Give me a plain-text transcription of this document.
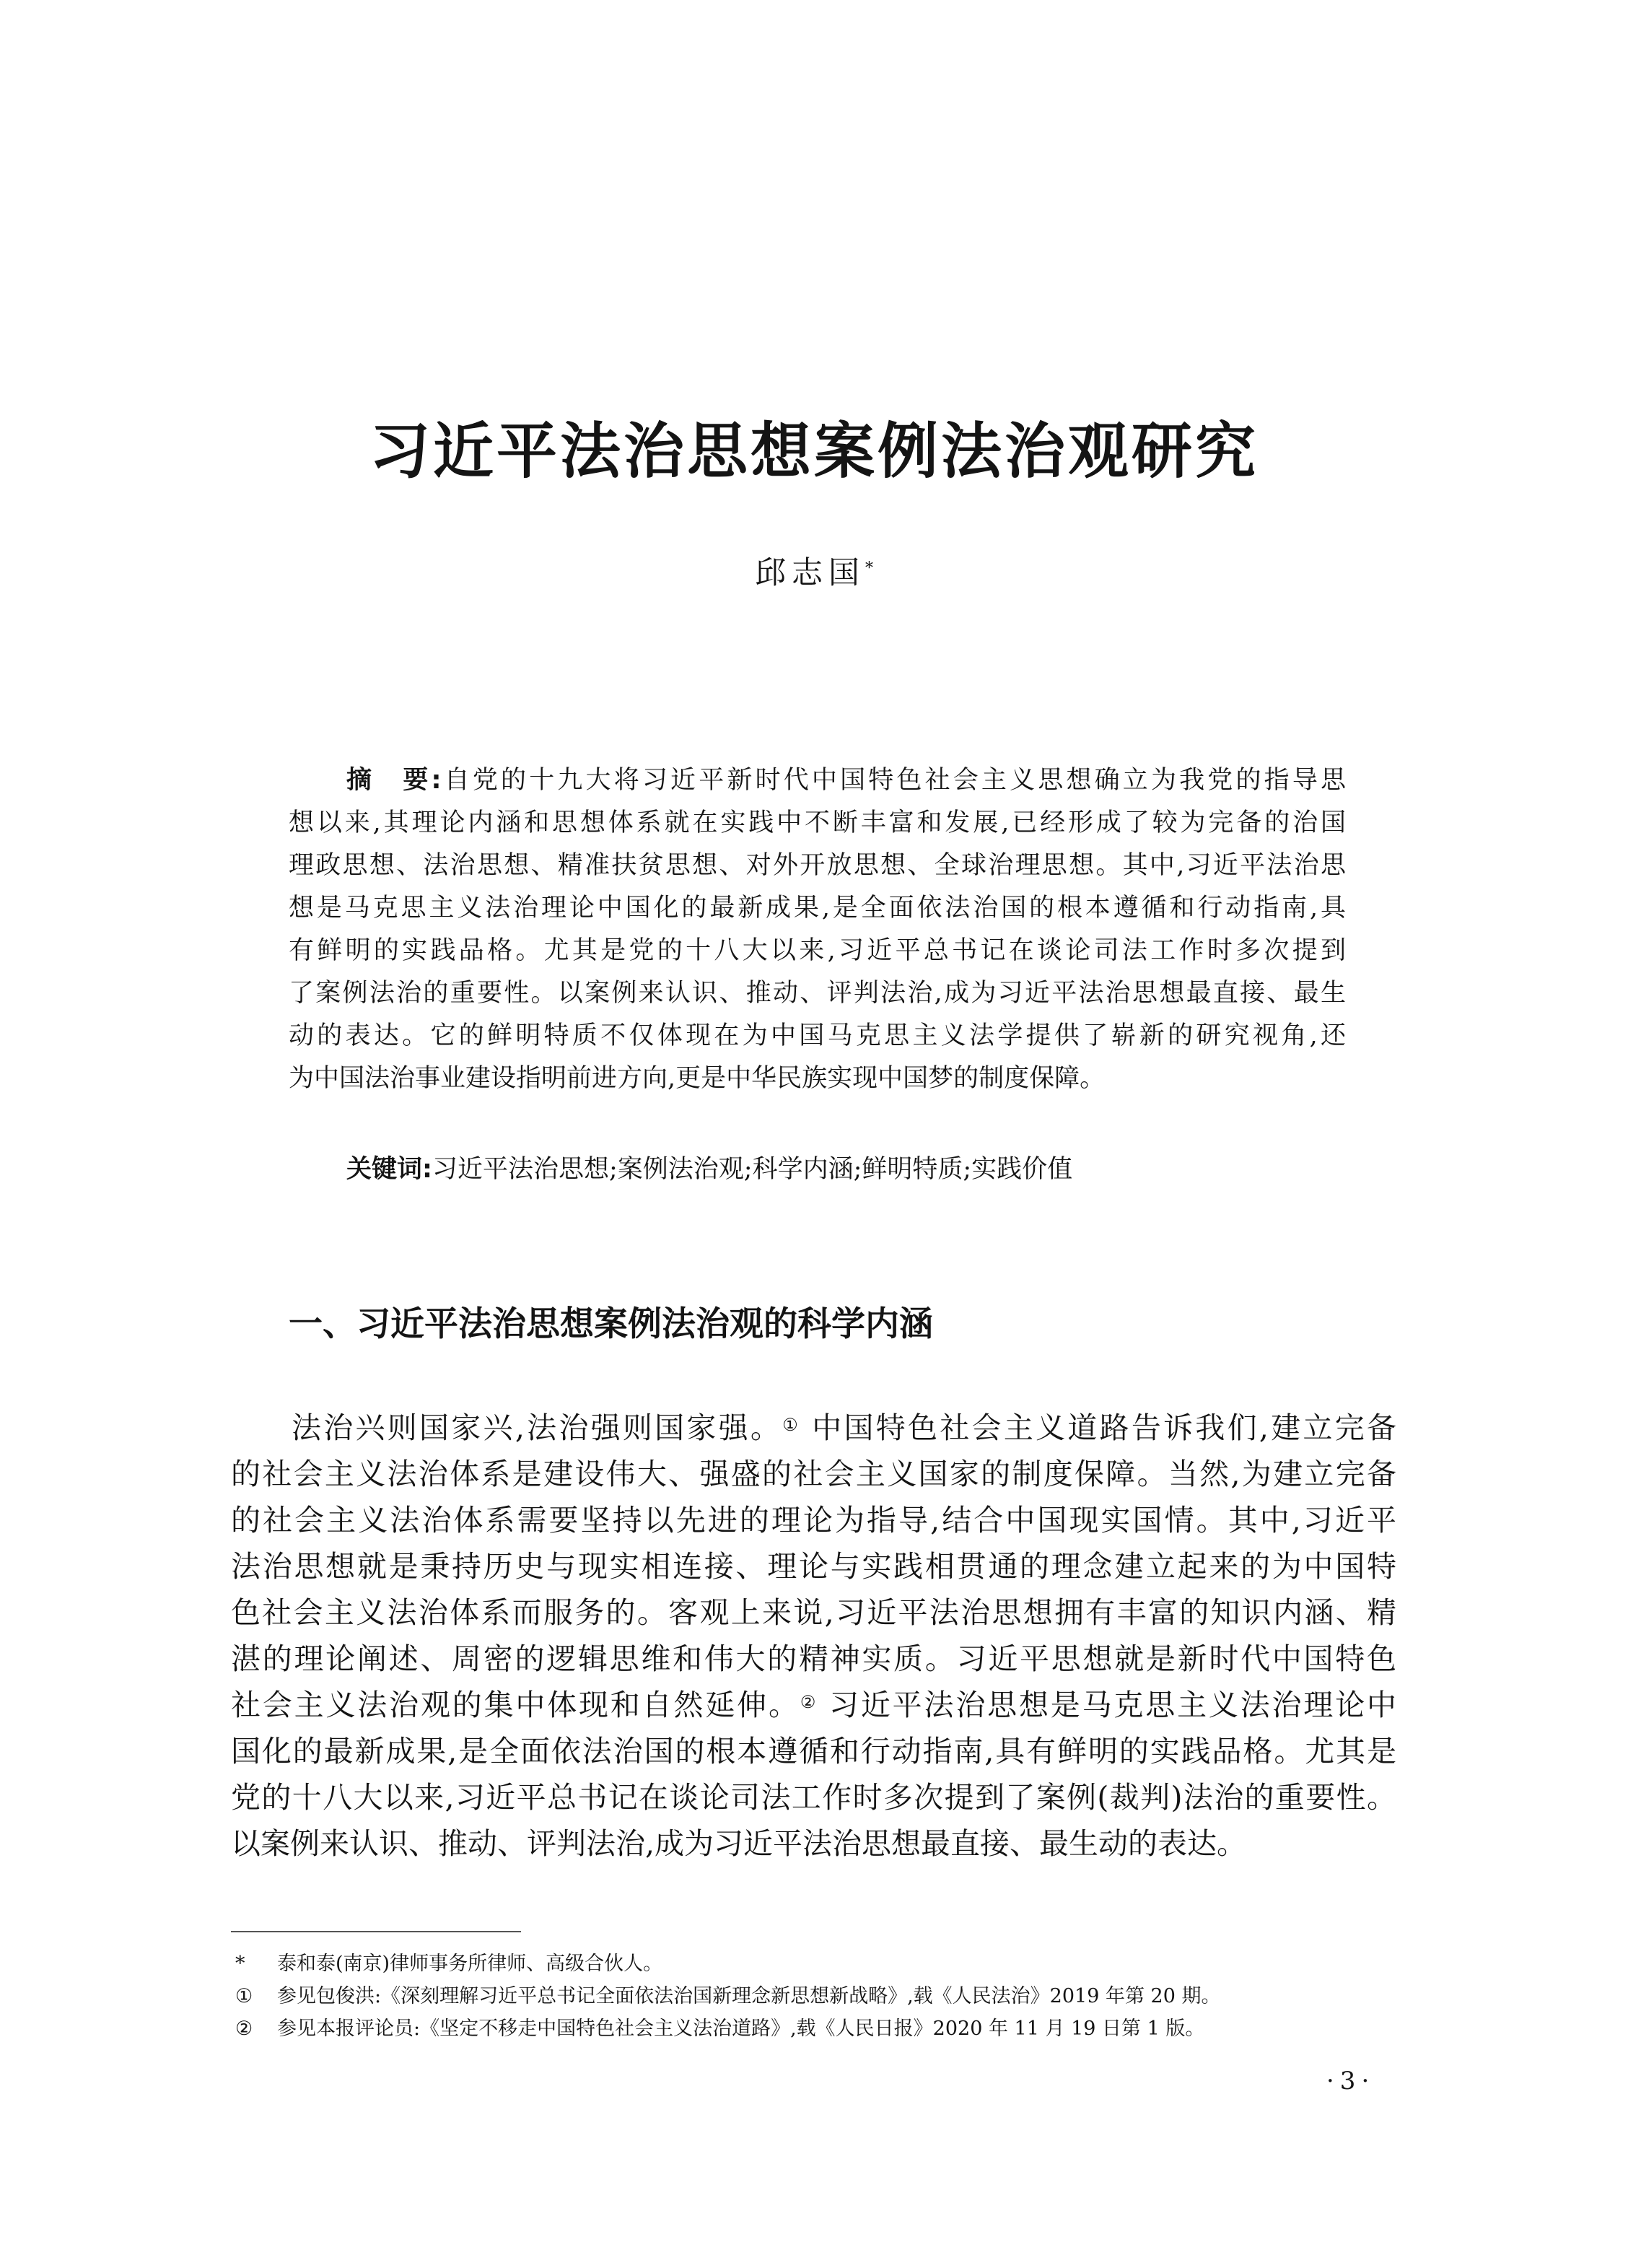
习近平法治思想案例法治观研究
邱志国*
摘　要:自党的十九大将习近平新时代中国特色社会主义思想确立为我党的指导思
想以来,其理论内涵和思想体系就在实践中不断丰富和发展,已经形成了较为完备的治国
理政思想、法治思想、精准扶贫思想、对外开放思想、全球治理思想。其中,习近平法治思
想是马克思主义法治理论中国化的最新成果,是全面依法治国的根本遵循和行动指南,具
有鲜明的实践品格。尤其是党的十八大以来,习近平总书记在谈论司法工作时多次提到
了案例法治的重要性。以案例来认识、推动、评判法治,成为习近平法治思想最直接、最生
动的表达。它的鲜明特质不仅体现在为中国马克思主义法学提供了崭新的研究视角,还
为中国法治事业建设指明前进方向,更是中华民族实现中国梦的制度保障。
关键词:习近平法治思想;案例法治观;科学内涵;鲜明特质;实践价值
一、习近平法治思想案例法治观的科学内涵
法治兴则国家兴,法治强则国家强。① 中国特色社会主义道路告诉我们,建立完备
的社会主义法治体系是建设伟大、强盛的社会主义国家的制度保障。当然,为建立完备
的社会主义法治体系需要坚持以先进的理论为指导,结合中国现实国情。其中,习近平
法治思想就是秉持历史与现实相连接、理论与实践相贯通的理念建立起来的为中国特
色社会主义法治体系而服务的。客观上来说,习近平法治思想拥有丰富的知识内涵、精
湛的理论阐述、周密的逻辑思维和伟大的精神实质。习近平思想就是新时代中国特色
社会主义法治观的集中体现和自然延伸。② 习近平法治思想是马克思主义法治理论中
国化的最新成果,是全面依法治国的根本遵循和行动指南,具有鲜明的实践品格。尤其是
党的十八大以来,习近平总书记在谈论司法工作时多次提到了案例(裁判)法治的重要性。
以案例来认识、推动、评判法治,成为习近平法治思想最直接、最生动的表达。
*	泰和泰(南京)律师事务所律师、高级合伙人。
①	参见包俊洪:《深刻理解习近平总书记全面依法治国新理念新思想新战略》,载《人民法治》2019 年第 20 期。
②	参见本报评论员:《坚定不移走中国特色社会主义法治道路》,载《人民日报》2020 年 11 月 19 日第 1 版。
·3·
